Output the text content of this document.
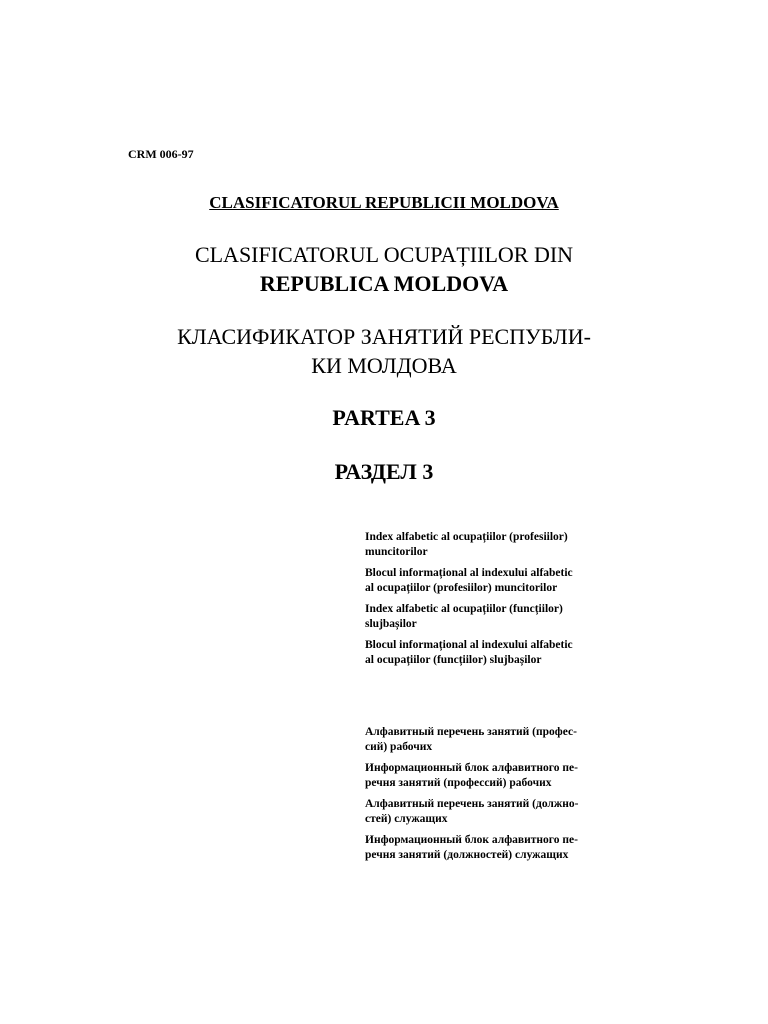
CRM 006-97
CLASIFICATORUL REPUBLICII MOLDOVA
CLASIFICATORUL OCUPAȚIILOR DIN
REPUBLICA MOLDOVA
КЛАСИФИКАТОР ЗАНЯТИЙ РЕСПУБЛИ-
КИ МОЛДОВА
PARTEA 3
РАЗДЕЛ 3
Index alfabetic al ocupațiilor (profesiilor)
muncitorilor
Blocul informațional al indexului alfabetic
al ocupațiilor (profesiilor) muncitorilor
Index alfabetic al ocupațiilor (funcțiilor)
slujbașilor
Blocul informațional al indexului alfabetic
al ocupațiilor (funcțiilor) slujbașilor
Алфавитный перечень занятий (профес-
сий) рабочих
Информационный блок алфавитного пе-
речня занятий (профессий) рабочих
Алфавитный перечень занятий (должно-
стей) служащих
Информационный блок алфавитного пе-
речня занятий (должностей) служащих
